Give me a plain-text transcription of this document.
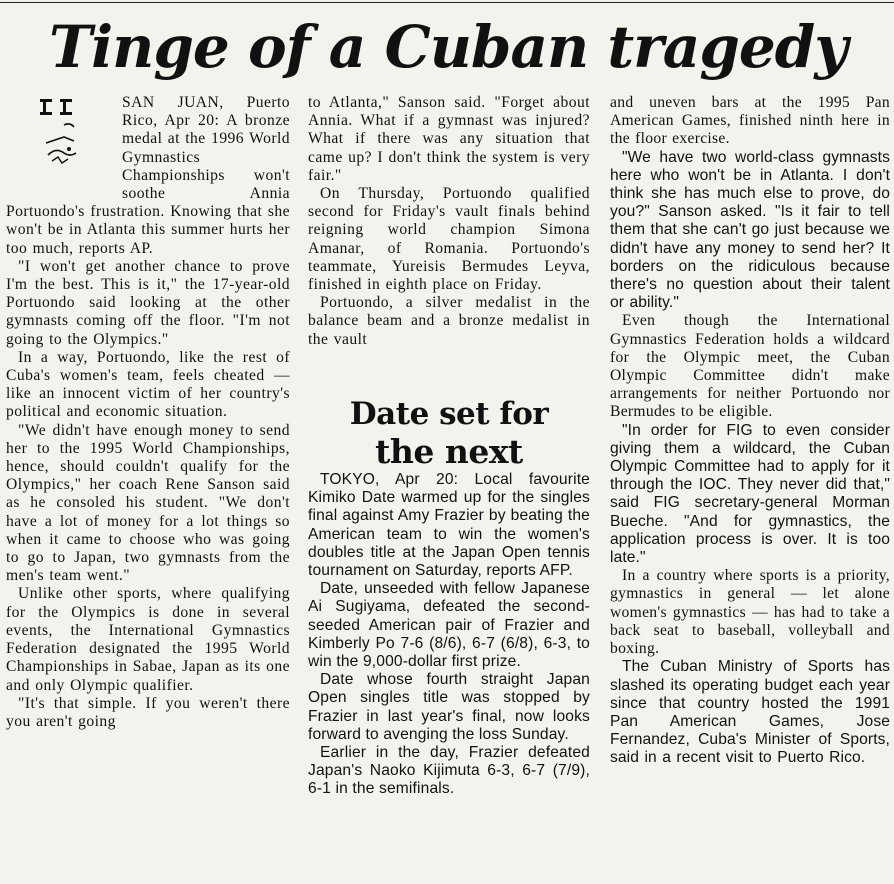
Tinge of a Cuban tragedy

SAN JUAN, Puerto Rico, Apr 20: A bronze medal at the 1996 World Gymnastics Championships won't soothe Annia Portuondo's frustration. Knowing that she won't be in Atlanta this summer hurts her too much, reports AP.

"I won't get another chance to prove I'm the best. This is it," the 17-year-old Portuondo said looking at the other gymnasts coming off the floor. "I'm not going to the Olympics."

In a way, Portuondo, like the rest of Cuba's women's team, feels cheated — like an innocent victim of her country's political and economic situation.

"We didn't have enough money to send her to the 1995 World Championships, hence, should couldn't qualify for the Olympics," her coach Rene Sanson said as he consoled his student. "We don't have a lot of money for a lot things so when it came to choose who was going to go to Japan, two gymnasts from the men's team went."

Unlike other sports, where qualifying for the Olympics is done in several events, the International Gymnastics Federation designated the 1995 World Championships in Sabae, Japan as its one and only Olympic qualifier.

"It's that simple. If you weren't there you aren't going

to Atlanta," Sanson said. "Forget about Annia. What if a gymnast was injured? What if there was any situation that came up? I don't think the system is very fair."

On Thursday, Portuondo qualified second for Friday's vault finals behind reigning world champion Simona Amanar, of Romania. Portuondo's teammate, Yureisis Bermudes Leyva, finished in eighth place on Friday.

Portuondo, a silver medalist in the balance beam and a bronze medalist in the vault

Date set for
the next

TOKYO, Apr 20: Local favourite Kimiko Date warmed up for the singles final against Amy Frazier by beating the American team to win the women's doubles title at the Japan Open tennis tournament on Saturday, reports AFP.

Date, unseeded with fellow Japanese Ai Sugiyama, defeated the second-seeded American pair of Frazier and Kimberly Po 7-6 (8/6), 6-7 (6/8), 6-3, to win the 9,000-dollar first prize.

Date whose fourth straight Japan Open singles title was stopped by Frazier in last year's final, now looks forward to avenging the loss Sunday.

Earlier in the day, Frazier defeated Japan's Naoko Kijimuta 6-3, 6-7 (7/9), 6-1 in the semifinals.

and uneven bars at the 1995 Pan American Games, finished ninth here in the floor exercise.

"We have two world-class gymnasts here who won't be in Atlanta. I don't think she has much else to prove, do you?" Sanson asked. "Is it fair to tell them that she can't go just because we didn't have any money to send her? It borders on the ridiculous because there's no question about their talent or ability."

Even though the International Gymnastics Federation holds a wildcard for the Olympic meet, the Cuban Olympic Committee didn't make arrangements for neither Portuondo nor Bermudes to be eligible.

"In order for FIG to even consider giving them a wildcard, the Cuban Olympic Committee had to apply for it through the IOC. They never did that," said FIG secretary-general Morman Bueche. "And for gymnastics, the application process is over. It is too late."

In a country where sports is a priority, gymnastics in general — let alone women's gymnastics — has had to take a back seat to baseball, volleyball and boxing.

The Cuban Ministry of Sports has slashed its operating budget each year since that country hosted the 1991 Pan American Games, Jose Fernandez, Cuba's Minister of Sports, said in a recent visit to Puerto Rico.
